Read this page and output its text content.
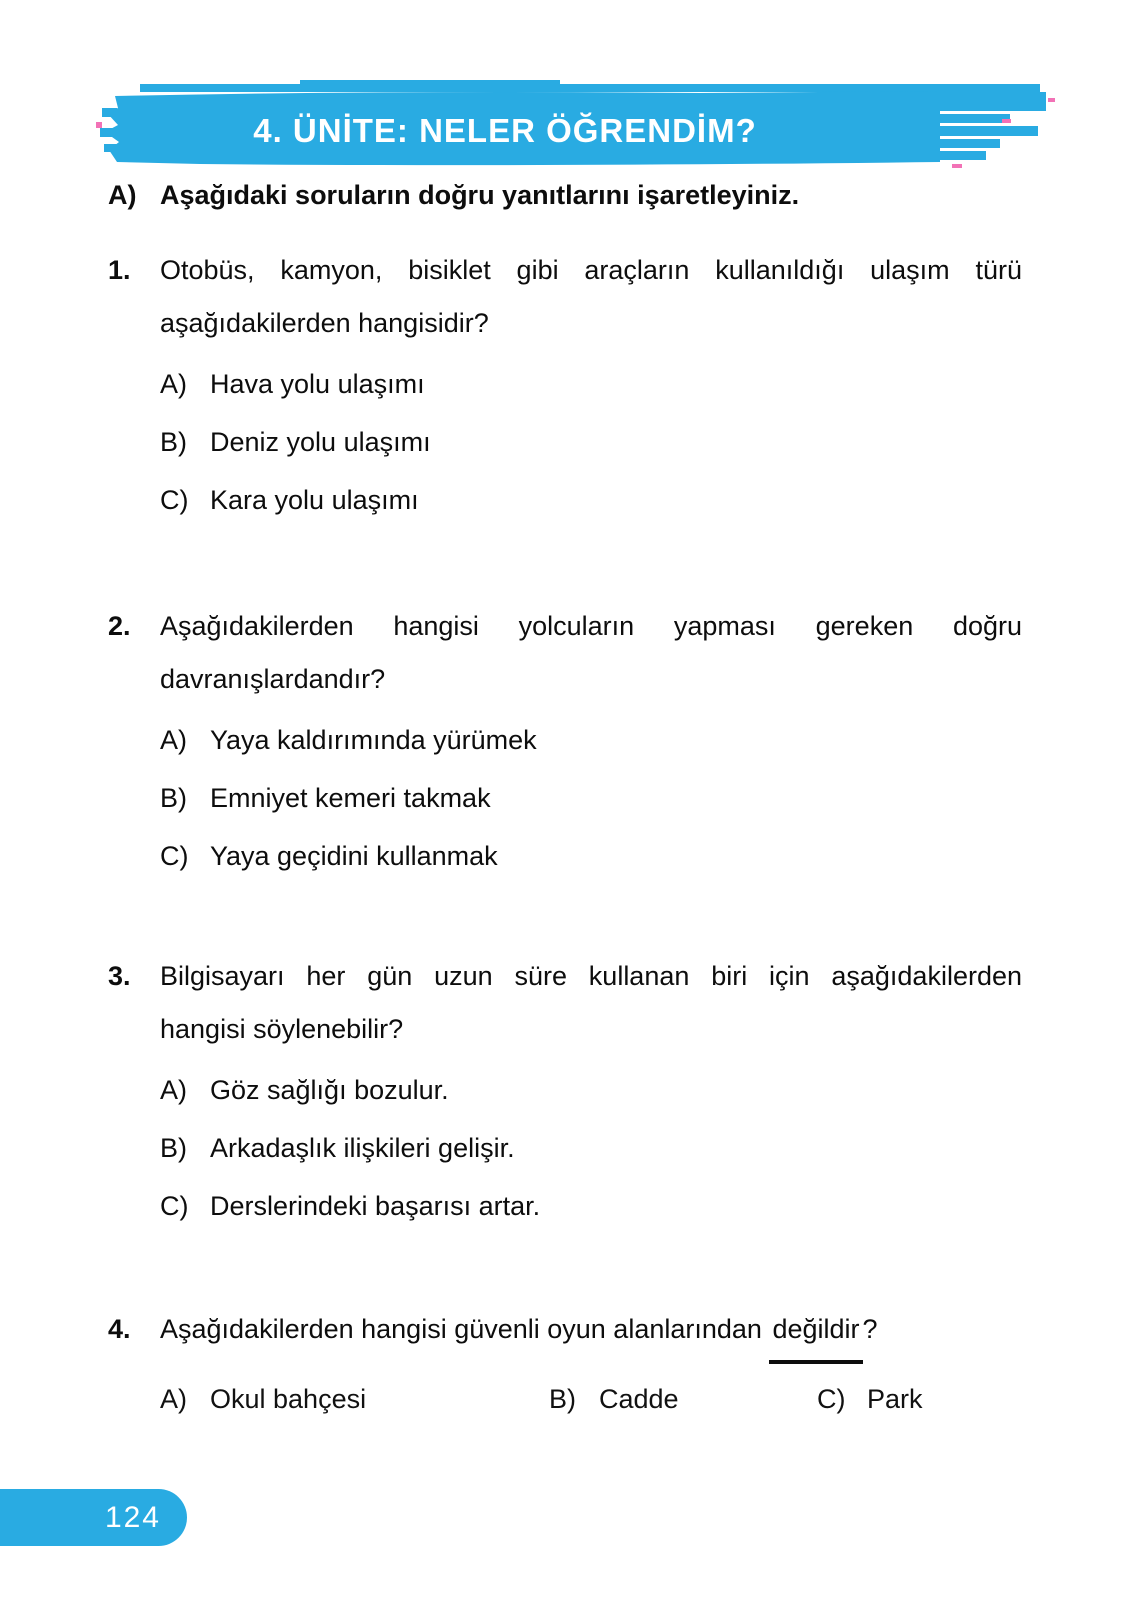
4. ÜNİTE: NELER ÖĞRENDİM?
A) Aşağıdaki soruların doğru yanıtlarını işaretleyiniz.
1.	Otobüs, kamyon, bisiklet gibi araçların kullanıldığı ulaşım türü
aşağıdakilerden hangisidir?
A) Hava yolu ulaşımı
B) Deniz yolu ulaşımı
C) Kara yolu ulaşımı
2.	Aşağıdakilerden hangisi yolcuların yapması gereken doğru
davranışlardandır?
A) Yaya kaldırımında yürümek
B) Emniyet kemeri takmak
C) Yaya geçidini kullanmak
3.	Bilgisayarı her gün uzun süre kullanan biri için aşağıdakilerden
hangisi söylenebilir?
A) Göz sağlığı bozulur.
B) Arkadaşlık ilişkileri gelişir.
C) Derslerindeki başarısı artar.
4.	Aşağıdakilerden hangisi güvenli oyun alanlarından değildir ?
A) Okul bahçesi	B) Cadde	C) Park
124
